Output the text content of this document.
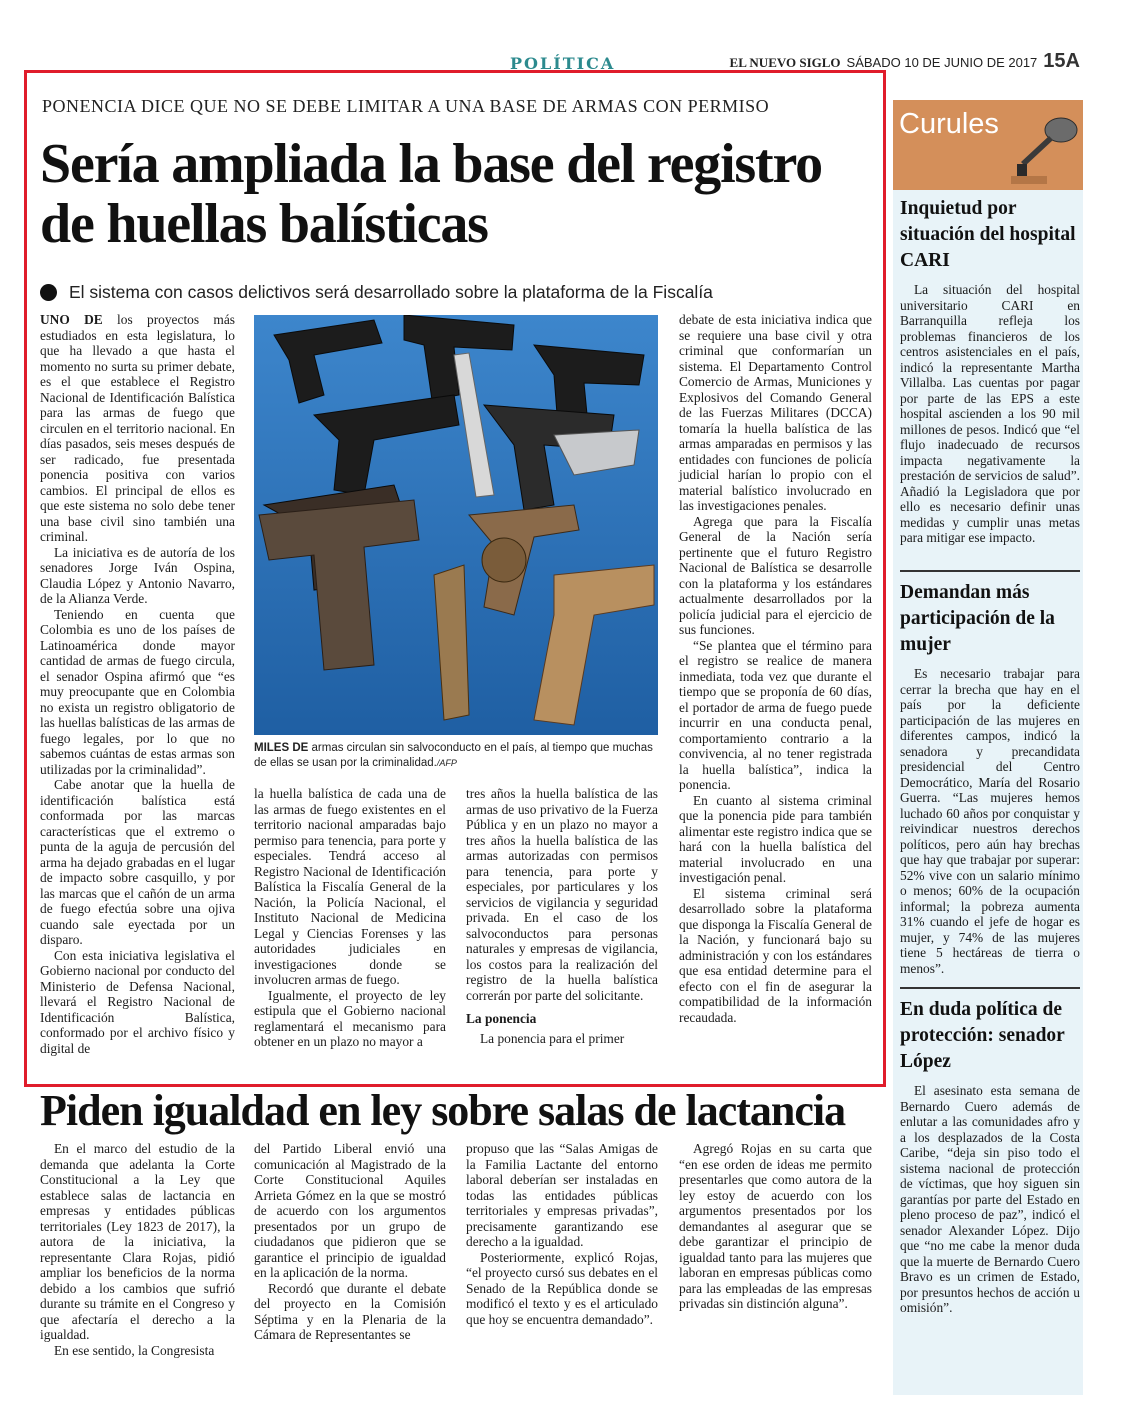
POLÍTICA	EL NUEVO SIGLO SÁBADO 10 DE JUNIO DE 2017 15A
PONENCIA DICE QUE NO SE DEBE LIMITAR A UNA BASE DE ARMAS CON PERMISO
Sería ampliada la base del registro de huellas balísticas
El sistema con casos delictivos será desarrollado sobre la plataforma de la Fiscalía

UNO DE los proyectos más estudiados en esta legislatura, lo que ha llevado a que hasta el momento no surta su primer debate, es el que establece el Registro Nacional de Identificación Balística para las armas de fuego que circulen en el territorio nacional. En días pasados, seis meses después de ser radicado, fue presentada ponencia positiva con varios cambios. El principal de ellos es que este sistema no solo debe tener una base civil sino también una criminal.

La iniciativa es de autoría de los senadores Jorge Iván Ospina, Claudia López y Antonio Navarro, de la Alianza Verde.

Teniendo en cuenta que Colombia es uno de los países de Latinoamérica donde mayor cantidad de armas de fuego circula, el senador Ospina afirmó que “es muy preocupante que en Colombia no exista un registro obligatorio de las huellas balísticas de las armas de fuego legales, por lo que no sabemos cuántas de estas armas son utilizadas por la criminalidad”.

Cabe anotar que la huella de identificación balística está conformada por las marcas características que el extremo o punta de la aguja de percusión del arma ha dejado grabadas en el lugar de impacto sobre casquillo, y por las marcas que el cañón de un arma de fuego efectúa sobre una ojiva cuando sale eyectada por un disparo.

Con esta iniciativa legislativa el Gobierno nacional por conducto del Ministerio de Defensa Nacional, llevará el Registro Nacional de Identificación Balística, conformado por el archivo físico y digital de

MILES DE armas circulan sin salvoconducto en el país, al tiempo que muchas de ellas se usan por la criminalidad./AFP

la huella balística de cada una de las armas de fuego existentes en el territorio nacional amparadas bajo permiso para tenencia, para porte y especiales. Tendrá acceso al Registro Nacional de Identificación Balística la Fiscalía General de la Nación, la Policía Nacional, el Instituto Nacional de Medicina Legal y Ciencias Forenses y las autoridades judiciales en investigaciones donde se involucren armas de fuego.

Igualmente, el proyecto de ley estipula que el Gobierno nacional reglamentará el mecanismo para obtener en un plazo no mayor a

tres años la huella balística de las armas de uso privativo de la Fuerza Pública y en un plazo no mayor a tres años la huella balística de las armas autorizadas con permisos para tenencia, para porte y especiales, por particulares y los servicios de vigilancia y seguridad privada. En el caso de los salvoconductos para personas naturales y empresas de vigilancia, los costos para la realización del registro de la huella balística correrán por parte del solicitante.

La ponencia

La ponencia para el primer

debate de esta iniciativa indica que se requiere una base civil y otra criminal que conformarían un sistema. El Departamento Control Comercio de Armas, Municiones y Explosivos del Comando General de las Fuerzas Militares (DCCA) tomaría la huella balística de las armas amparadas en permisos y las entidades con funciones de policía judicial harían lo propio con el material balístico involucrado en las investigaciones penales.

Agrega que para la Fiscalía General de la Nación sería pertinente que el futuro Registro Nacional de Balística se desarrolle con la plataforma y los estándares actualmente desarrollados por la policía judicial para el ejercicio de sus funciones.

“Se plantea que el término para el registro se realice de manera inmediata, toda vez que durante el tiempo que se proponía de 60 días, el portador de arma de fuego puede incurrir en una conducta penal, comportamiento contrario a la convivencia, al no tener registrada la huella balística”, indica la ponencia.

En cuanto al sistema criminal que la ponencia pide para también alimentar este registro indica que se hará con la huella balística del material involucrado en una investigación penal.

El sistema criminal será desarrollado sobre la plataforma que disponga la Fiscalía General de la Nación, y funcionará bajo su administración y con los estándares que esa entidad determine para el efecto con el fin de asegurar la compatibilidad de la información recaudada.

Piden igualdad en ley sobre salas de lactancia

En el marco del estudio de la demanda que adelanta la Corte Constitucional a la Ley que establece salas de lactancia en empresas y entidades públicas territoriales (Ley 1823 de 2017), la autora de la iniciativa, la representante Clara Rojas, pidió ampliar los beneficios de la norma debido a los cambios que sufrió durante su trámite en el Congreso y que afectaría el derecho a la igualdad.

En ese sentido, la Congresista

del Partido Liberal envió una comunicación al Magistrado de la Corte Constitucional Aquiles Arrieta Gómez en la que se mostró de acuerdo con los argumentos presentados por un grupo de ciudadanos que pidieron que se garantice el principio de igualdad en la aplicación de la norma.

Recordó que durante el debate del proyecto en la Comisión Séptima y en la Plenaria de la Cámara de Representantes se

propuso que las “Salas Amigas de la Familia Lactante del entorno laboral deberían ser instaladas en todas las entidades públicas territoriales y empresas privadas”, precisamente garantizando ese derecho a la igualdad.

Posteriormente, explicó Rojas, “el proyecto cursó sus debates en el Senado de la República donde se modificó el texto y es el articulado que hoy se encuentra demandado”.

Agregó Rojas en su carta que “en ese orden de ideas me permito presentarles que como autora de la ley estoy de acuerdo con los argumentos presentados por los demandantes al asegurar que se debe garantizar el principio de igualdad tanto para las mujeres que laboran en empresas públicas como para las empleadas de las empresas privadas sin distinción alguna”.

Curules
Inquietud por situación del hospital CARI

La situación del hospital universitario CARI en Barranquilla refleja los problemas financieros de los centros asistenciales en el país, indicó la representante Martha Villalba. Las cuentas por pagar por parte de las EPS a este hospital ascienden a los 90 mil millones de pesos. Indicó que “el flujo inadecuado de recursos impacta negativamente la prestación de servicios de salud”. Añadió la Legisladora que por ello es necesario definir unas medidas y cumplir unas metas para mitigar ese impacto.

Demandan más participación de la mujer

Es necesario trabajar para cerrar la brecha que hay en el país por la deficiente participación de las mujeres en diferentes campos, indicó la senadora y precandidata presidencial del Centro Democrático, María del Rosario Guerra. “Las mujeres hemos luchado 60 años por conquistar y reivindicar nuestros derechos políticos, pero aún hay brechas que hay que trabajar por superar: 52% vive con un salario mínimo o menos; 60% de la ocupación informal; la pobreza aumenta 31% cuando el jefe de hogar es mujer, y 74% de las mujeres tiene 5 hectáreas de tierra o menos”.

En duda política de protección: senador López

El asesinato esta semana de Bernardo Cuero además de enlutar a las comunidades afro y a los desplazados de la Costa Caribe, “deja sin piso todo el sistema nacional de protección de víctimas, que hoy siguen sin garantías por parte del Estado en pleno proceso de paz”, indicó el senador Alexander López. Dijo que “no me cabe la menor duda que la muerte de Bernardo Cuero Bravo es un crimen de Estado, por presuntos hechos de acción u omisión”.
